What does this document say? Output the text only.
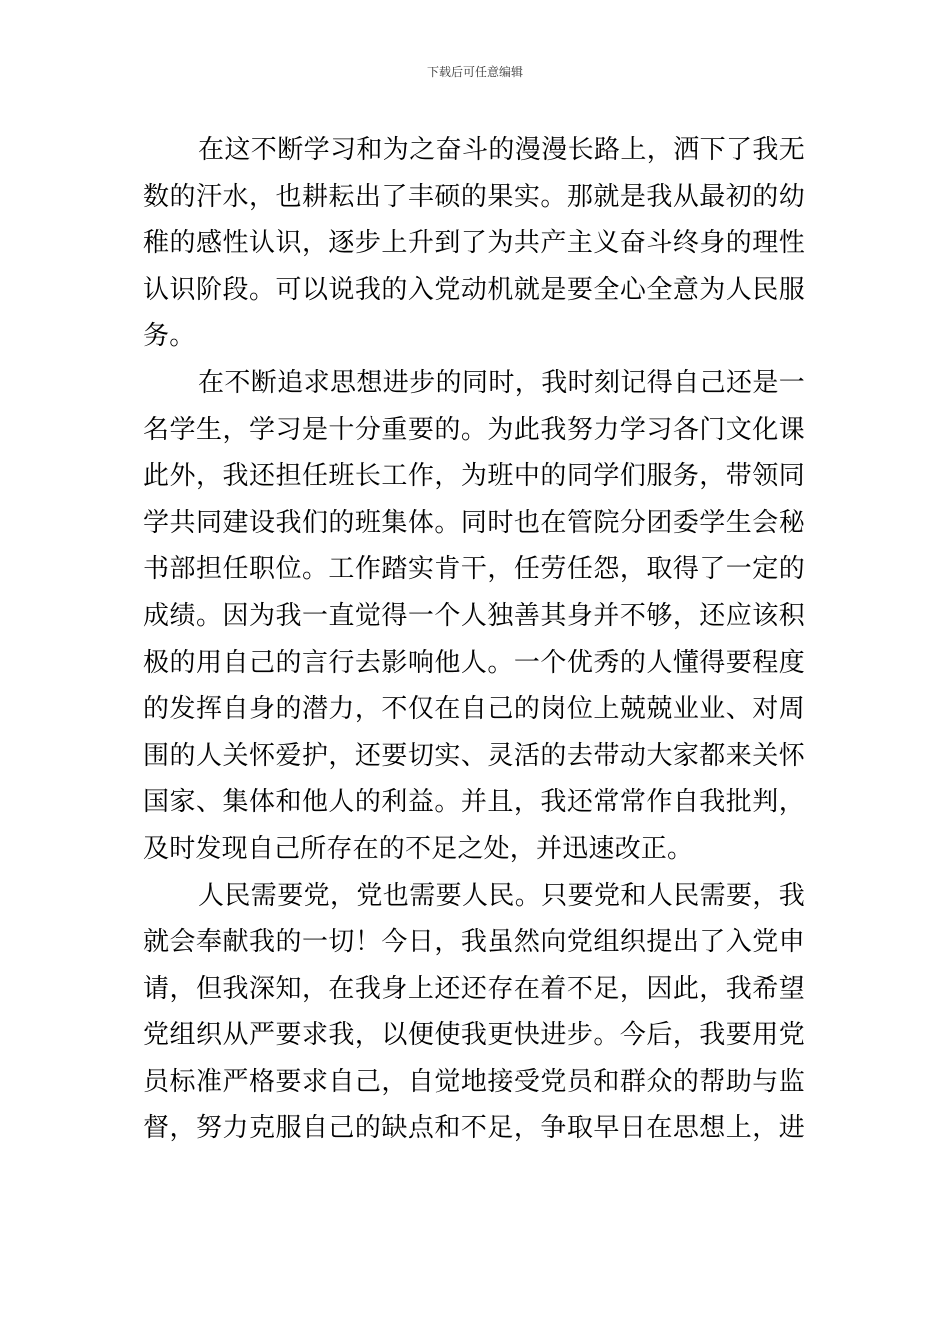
下载后可任意编辑
在这不断学习和为之奋斗的漫漫长路上，洒下了我无
数的汗水，也耕耘出了丰硕的果实。那就是我从最初的幼
稚的感性认识，逐步上升到了为共产主义奋斗终身的理性
认识阶段。可以说我的入党动机就是要全心全意为人民服
务。
在不断追求思想进步的同时，我时刻记得自己还是一
名学生，学习是十分重要的。为此我努力学习各门文化课
此外，我还担任班长工作，为班中的同学们服务，带领同
学共同建设我们的班集体。同时也在管院分团委学生会秘
书部担任职位。工作踏实肯干，任劳任怨，取得了一定的
成绩。因为我一直觉得一个人独善其身并不够，还应该积
极的用自己的言行去影响他人。一个优秀的人懂得要程度
的发挥自身的潜力，不仅在自己的岗位上兢兢业业、对周
围的人关怀爱护，还要切实、灵活的去带动大家都来关怀
国家、集体和他人的利益。并且，我还常常作自我批判，
及时发现自己所存在的不足之处，并迅速改正。
人民需要党，党也需要人民。只要党和人民需要，我
就会奉献我的一切！今日，我虽然向党组织提出了入党申
请，但我深知，在我身上还还存在着不足，因此，我希望
党组织从严要求我，以便使我更快进步。今后，我要用党
员标准严格要求自己，自觉地接受党员和群众的帮助与监
督，努力克服自己的缺点和不足，争取早日在思想上，进
